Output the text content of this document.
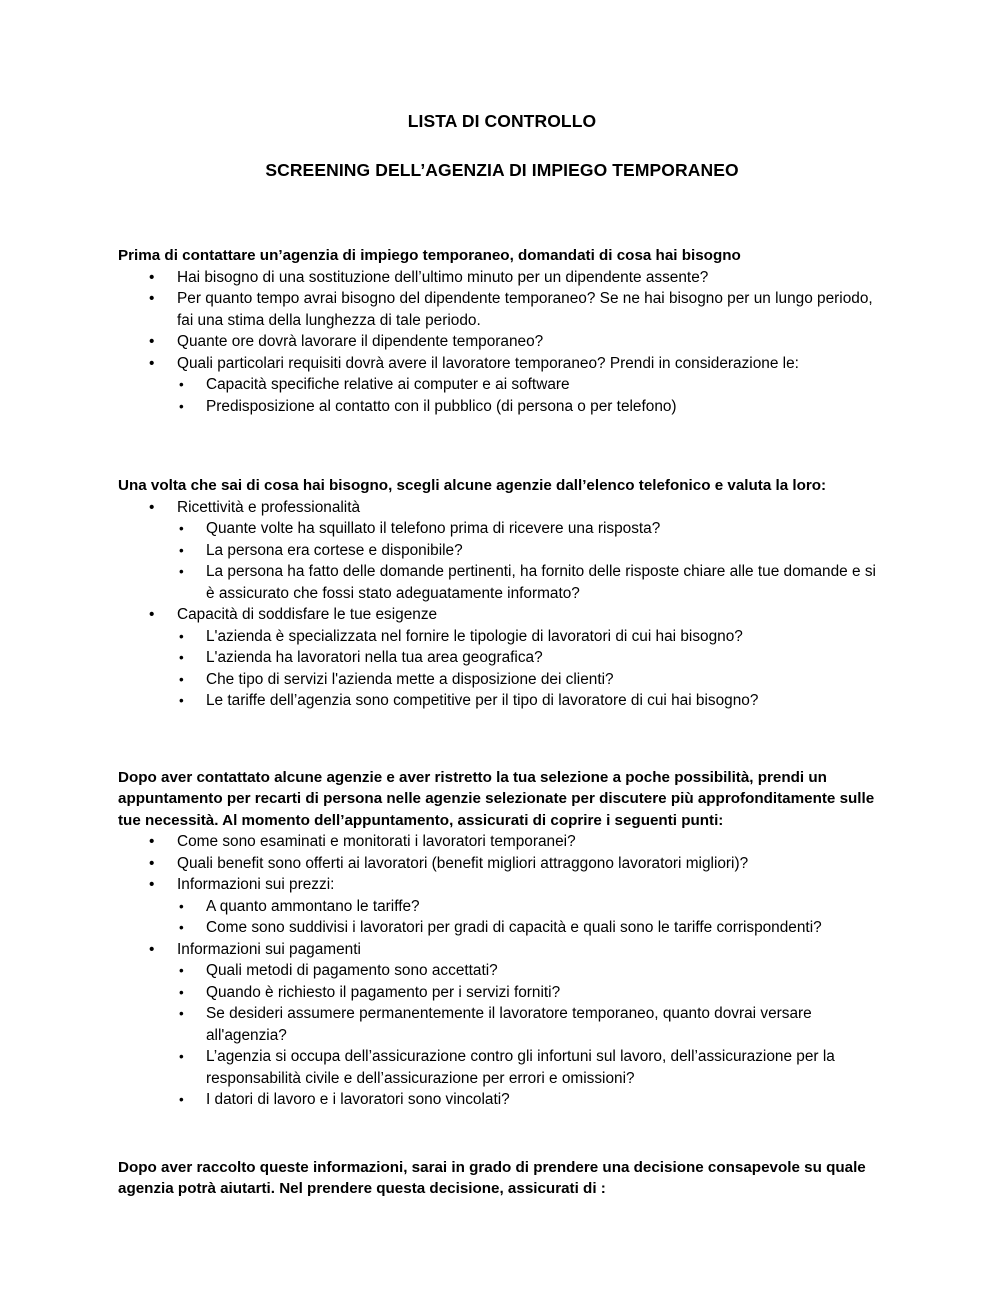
LISTA DI CONTROLLO
SCREENING DELL’AGENZIA DI IMPIEGO TEMPORANEO

Prima di contattare un’agenzia di impiego temporaneo, domandati di cosa hai bisogno

• Hai bisogno di una sostituzione dell’ultimo minuto per un dipendente assente?
• Per quanto tempo avrai bisogno del dipendente temporaneo? Se ne hai bisogno per un lungo periodo, fai una stima della lunghezza di tale periodo.
• Quante ore dovrà lavorare il dipendente temporaneo?
• Quali particolari requisiti dovrà avere il lavoratore temporaneo? Prendi in considerazione le:
• Capacità specifiche relative ai computer e ai software
• Predisposizione al contatto con il pubblico (di persona o per telefono)

Una volta che sai di cosa hai bisogno, scegli alcune agenzie dall’elenco telefonico e valuta la loro:

• Ricettività e professionalità
• Quante volte ha squillato il telefono prima di ricevere una risposta?
• La persona era cortese e disponibile?
• La persona ha fatto delle domande pertinenti, ha fornito delle risposte chiare alle tue domande e si è assicurato che fossi stato adeguatamente informato?
• Capacità di soddisfare le tue esigenze
• L'azienda è specializzata nel fornire le tipologie di lavoratori di cui hai bisogno?
• L'azienda ha lavoratori nella tua area geografica?
• Che tipo di servizi l'azienda mette a disposizione dei clienti?
• Le tariffe dell’agenzia sono competitive per il tipo di lavoratore di cui hai bisogno?

Dopo aver contattato alcune agenzie e aver ristretto la tua selezione a poche possibilità, prendi un appuntamento per recarti di persona nelle agenzie selezionate per discutere più approfonditamente sulle tue necessità. Al momento dell’appuntamento, assicurati di coprire i seguenti punti:

• Come sono esaminati e monitorati i lavoratori temporanei?
• Quali benefit sono offerti ai lavoratori (benefit migliori attraggono lavoratori migliori)?
• Informazioni sui prezzi:
• A quanto ammontano le tariffe?
• Come sono suddivisi i lavoratori per gradi di capacità e quali sono le tariffe corrispondenti?
• Informazioni sui pagamenti
• Quali metodi di pagamento sono accettati?
• Quando è richiesto il pagamento per i servizi forniti?
• Se desideri assumere permanentemente il lavoratore temporaneo, quanto dovrai versare all'agenzia?
• L’agenzia si occupa dell’assicurazione contro gli infortuni sul lavoro, dell’assicurazione per la responsabilità civile e dell’assicurazione per errori e omissioni?
• I datori di lavoro e i lavoratori sono vincolati?

Dopo aver raccolto queste informazioni, sarai in grado di prendere una decisione consapevole su quale agenzia potrà aiutarti. Nel prendere questa decisione, assicurati di :
